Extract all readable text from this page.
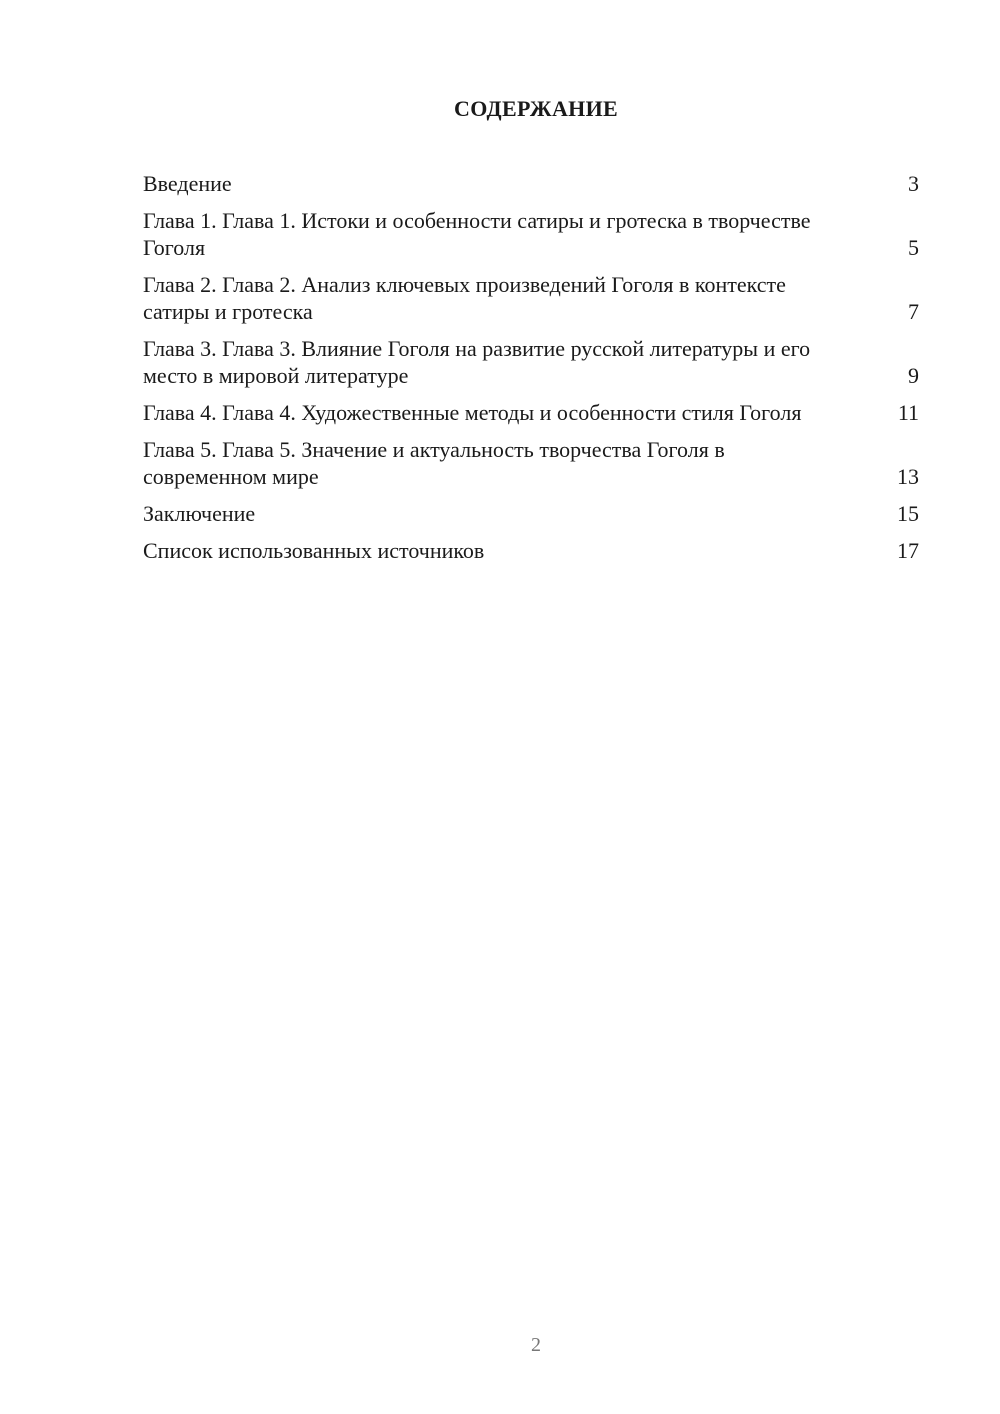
СОДЕРЖАНИЕ
Введение	3
Глава 1. Глава 1. Истоки и особенности сатиры и гротеска в творчестве Гоголя	5
Глава 2. Глава 2. Анализ ключевых произведений Гоголя в контексте сатиры и гротеска	7
Глава 3. Глава 3. Влияние Гоголя на развитие русской литературы и его место в мировой литературе	9
Глава 4. Глава 4. Художественные методы и особенности стиля Гоголя	11
Глава 5. Глава 5. Значение и актуальность творчества Гоголя в современном мире	13
Заключение	15
Список использованных источников	17
2
